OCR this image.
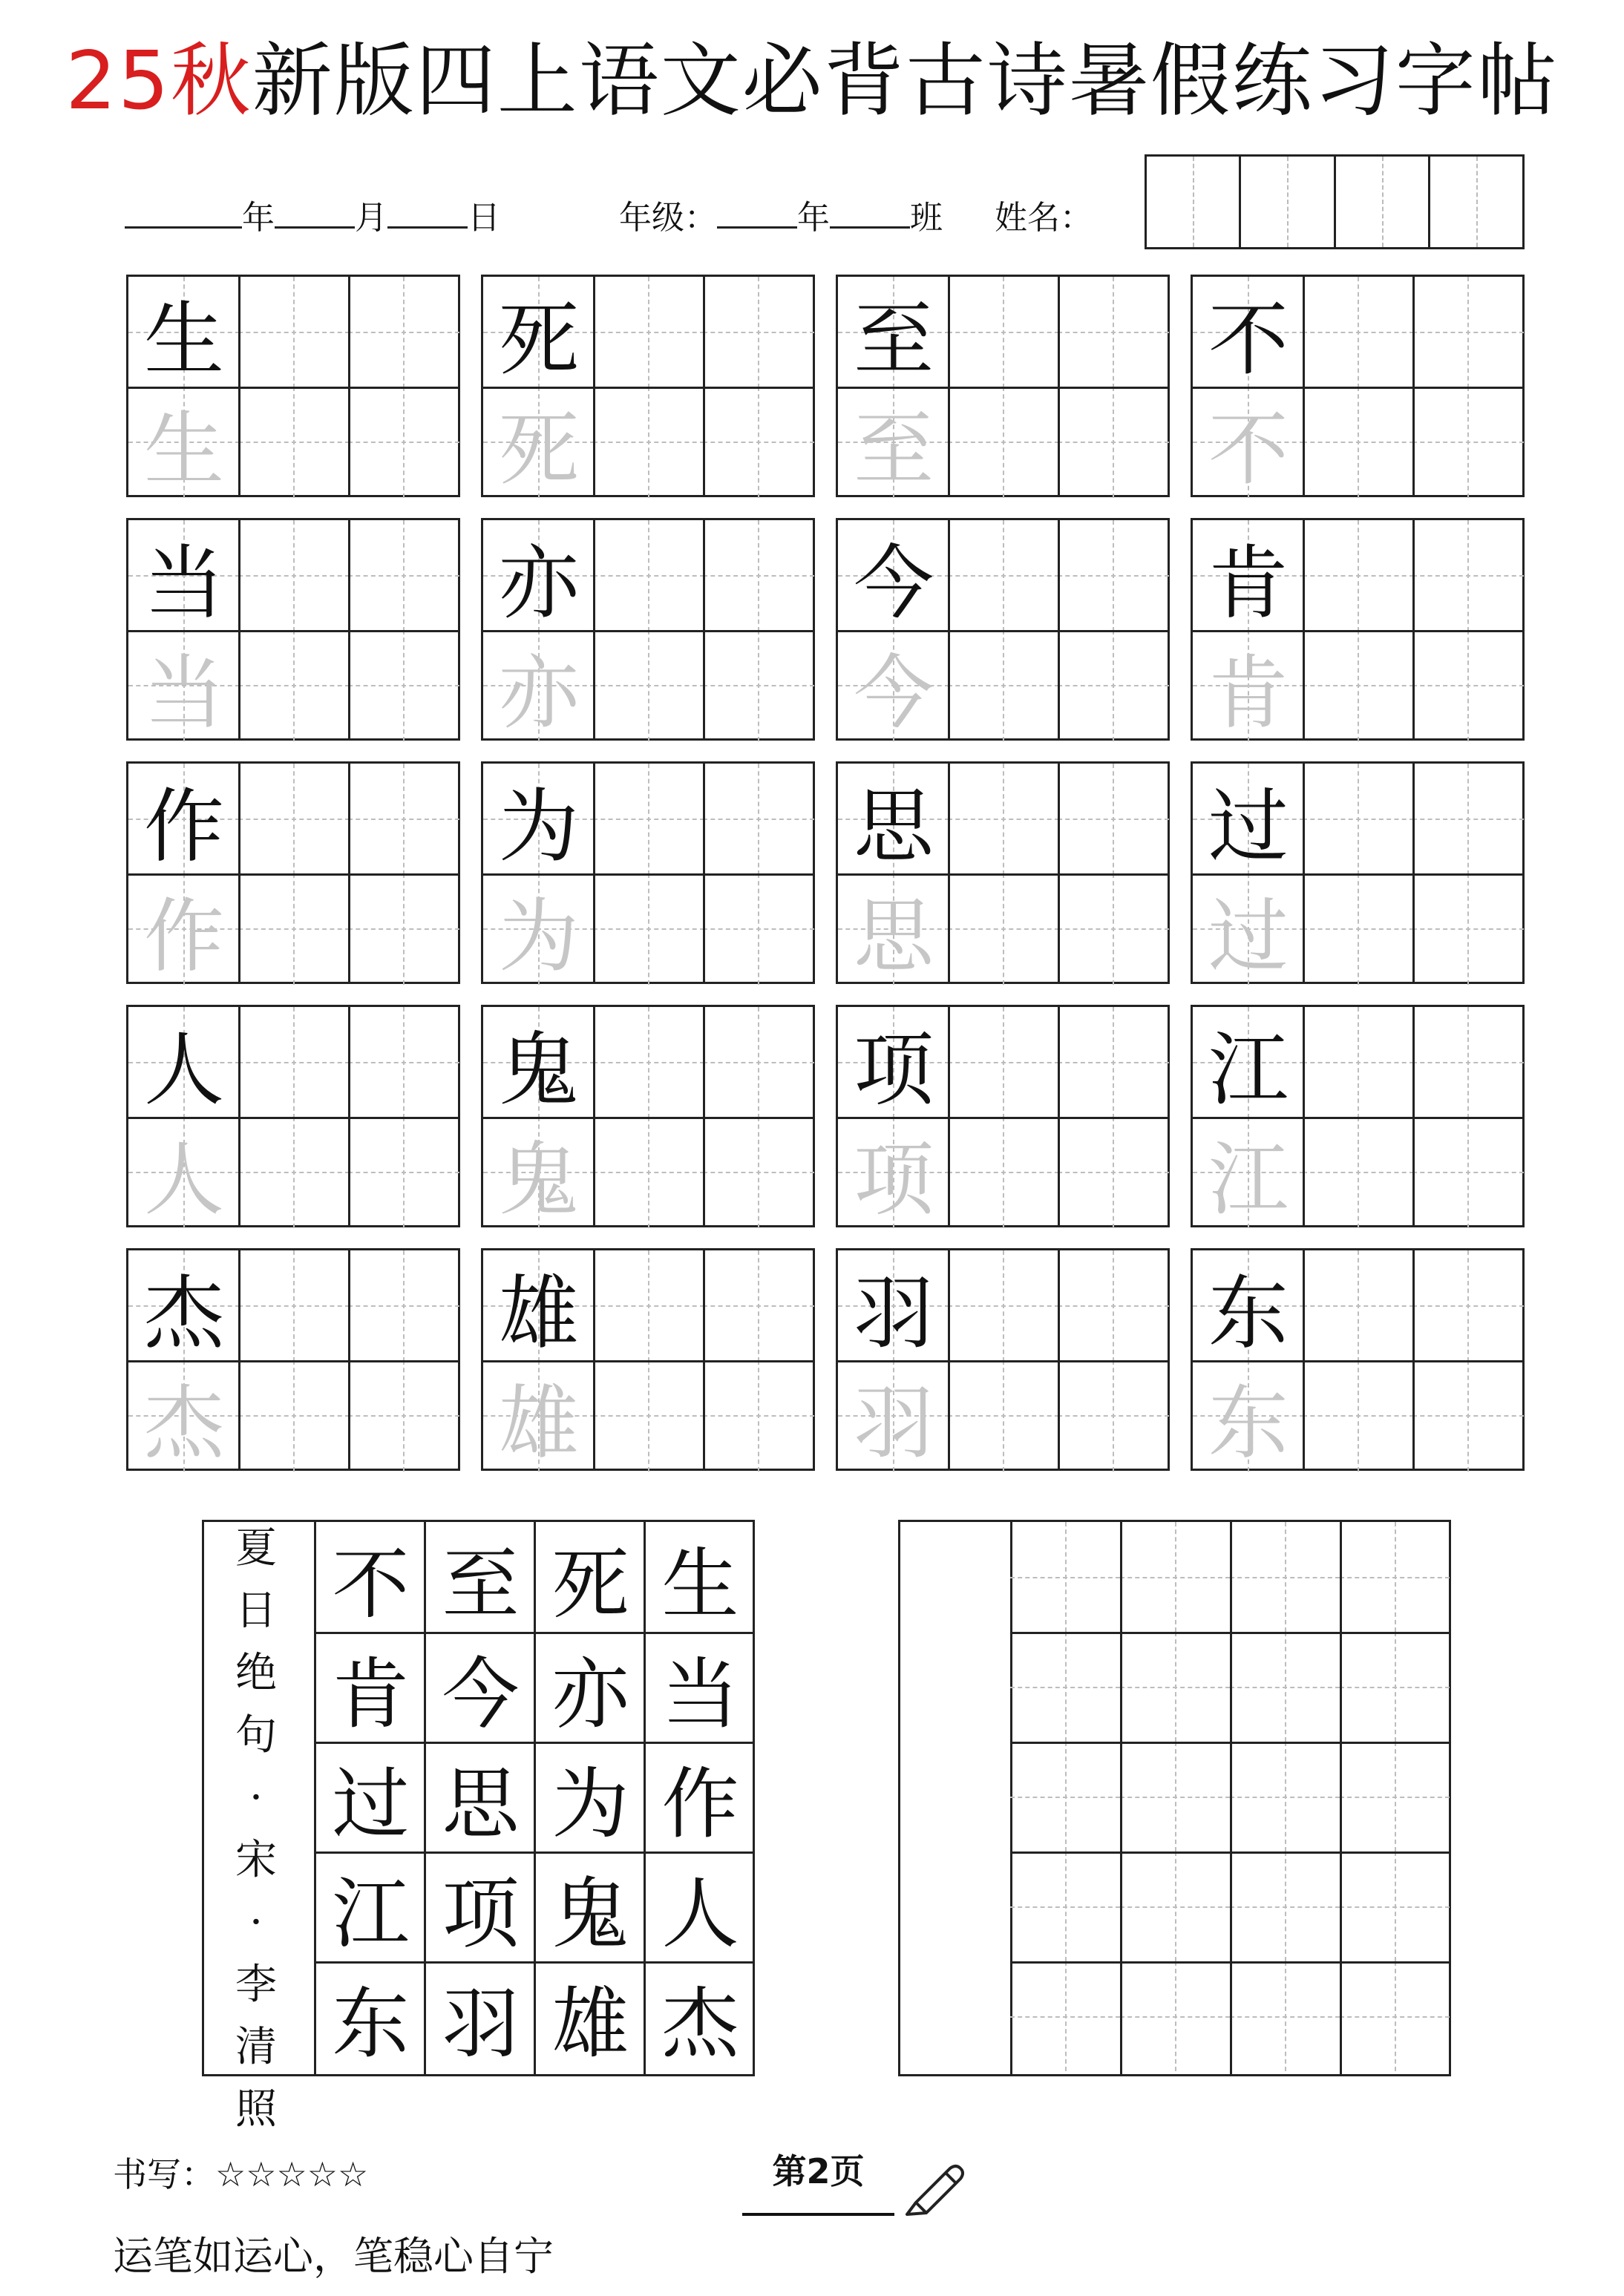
25秋新版四上语文必背古诗暑假练习字帖
年 月 日	年级： 年 班 姓名：
生
生
死
死
至
至
不
不
当
当
亦
亦
今
今
肯
肯
作
作
为
为
思
思
过
过
人
人
鬼
鬼
项
项
江
江
杰
杰
雄
雄
羽
羽
东
东
不 至 死 生
肯 今 亦 当
过 思 为 作
江 项 鬼 人
东 羽 雄 杰
夏
日
绝
句
·
宋
·
李
清
照
书写：☆☆☆☆☆	第2页
运笔如运心，笔稳心自宁
